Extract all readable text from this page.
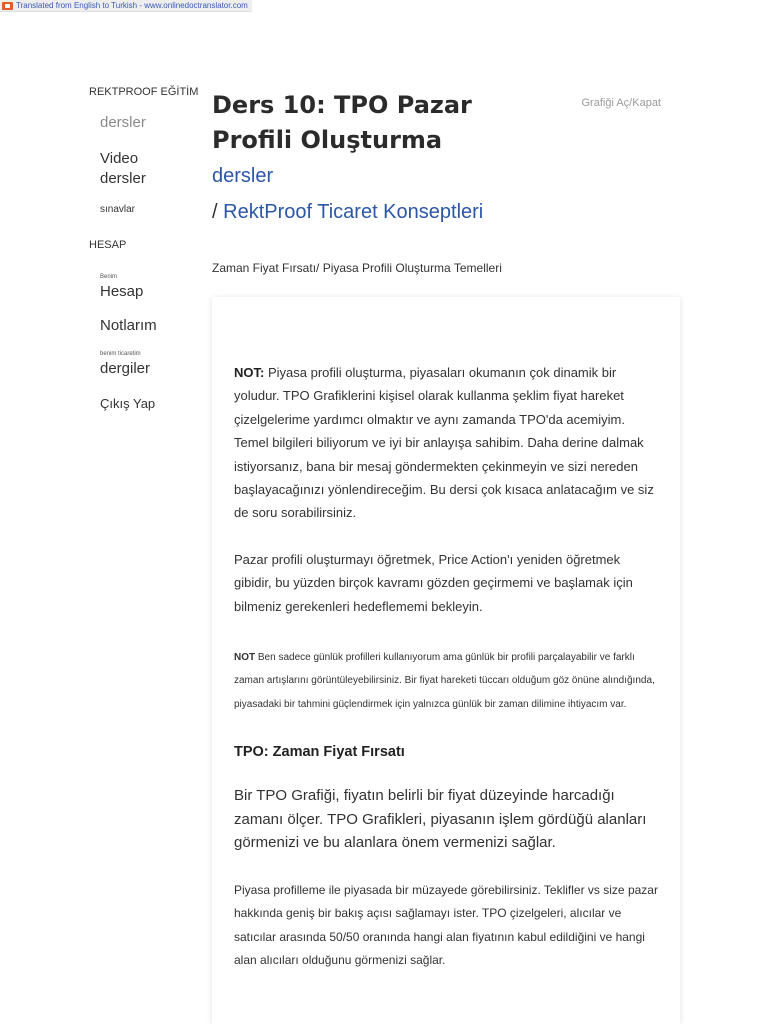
Translated from English to Turkish - www.onlinedoctranslator.com
REKTPROOF EĞİTİM
dersler
Video dersler
sınavlar
HESAP
Benim
Hesap
Notlarım
benim ticaretim
dergiler
Çıkış Yap
Ders 10: TPO Pazar Profili Oluşturma
Grafiği Aç/Kapat
dersler
/ RektProof Ticaret Konseptleri
Zaman Fiyat Fırsatı/ Piyasa Profili Oluşturma Temelleri

NOT: Piyasa profili oluşturma, piyasaları okumanın çok dinamik bir yoludur. TPO Grafiklerini kişisel olarak kullanma şeklim fiyat hareket çizelgelerime yardımcı olmaktır ve aynı zamanda TPO'da acemiyim. Temel bilgileri biliyorum ve iyi bir anlayışa sahibim. Daha derine dalmak istiyorsanız, bana bir mesaj göndermekten çekinmeyin ve sizi nereden başlayacağınızı yönlendireceğim. Bu dersi çok kısaca anlatacağım ve siz de soru sorabilirsiniz.

Pazar profili oluşturmayı öğretmek, Price Action'ı yeniden öğretmek gibidir, bu yüzden birçok kavramı gözden geçirmemi ve başlamak için bilmeniz gerekenleri hedeflememi bekleyin.

NOT Ben sadece günlük profilleri kullanıyorum ama günlük bir profili parçalayabilir ve farklı zaman artışlarını görüntüleyebilirsiniz. Bir fiyat hareketi tüccarı olduğum göz önüne alındığında, piyasadaki bir tahmini güçlendirmek için yalnızca günlük bir zaman dilimine ihtiyacım var.

TPO: Zaman Fiyat Fırsatı

Bir TPO Grafiği, fiyatın belirli bir fiyat düzeyinde harcadığı zamanı ölçer. TPO Grafikleri, piyasanın işlem gördüğü alanları görmenizi ve bu alanlara önem vermenizi sağlar.

Piyasa profilleme ile piyasada bir müzayede görebilirsiniz. Teklifler vs size pazar hakkında geniş bir bakış açısı sağlamayı ister. TPO çizelgeleri, alıcılar ve satıcılar arasında 50/50 oranında hangi alan fiyatının kabul edildiğini ve hangi alan alıcıları olduğunu görmenizi sağlar.
